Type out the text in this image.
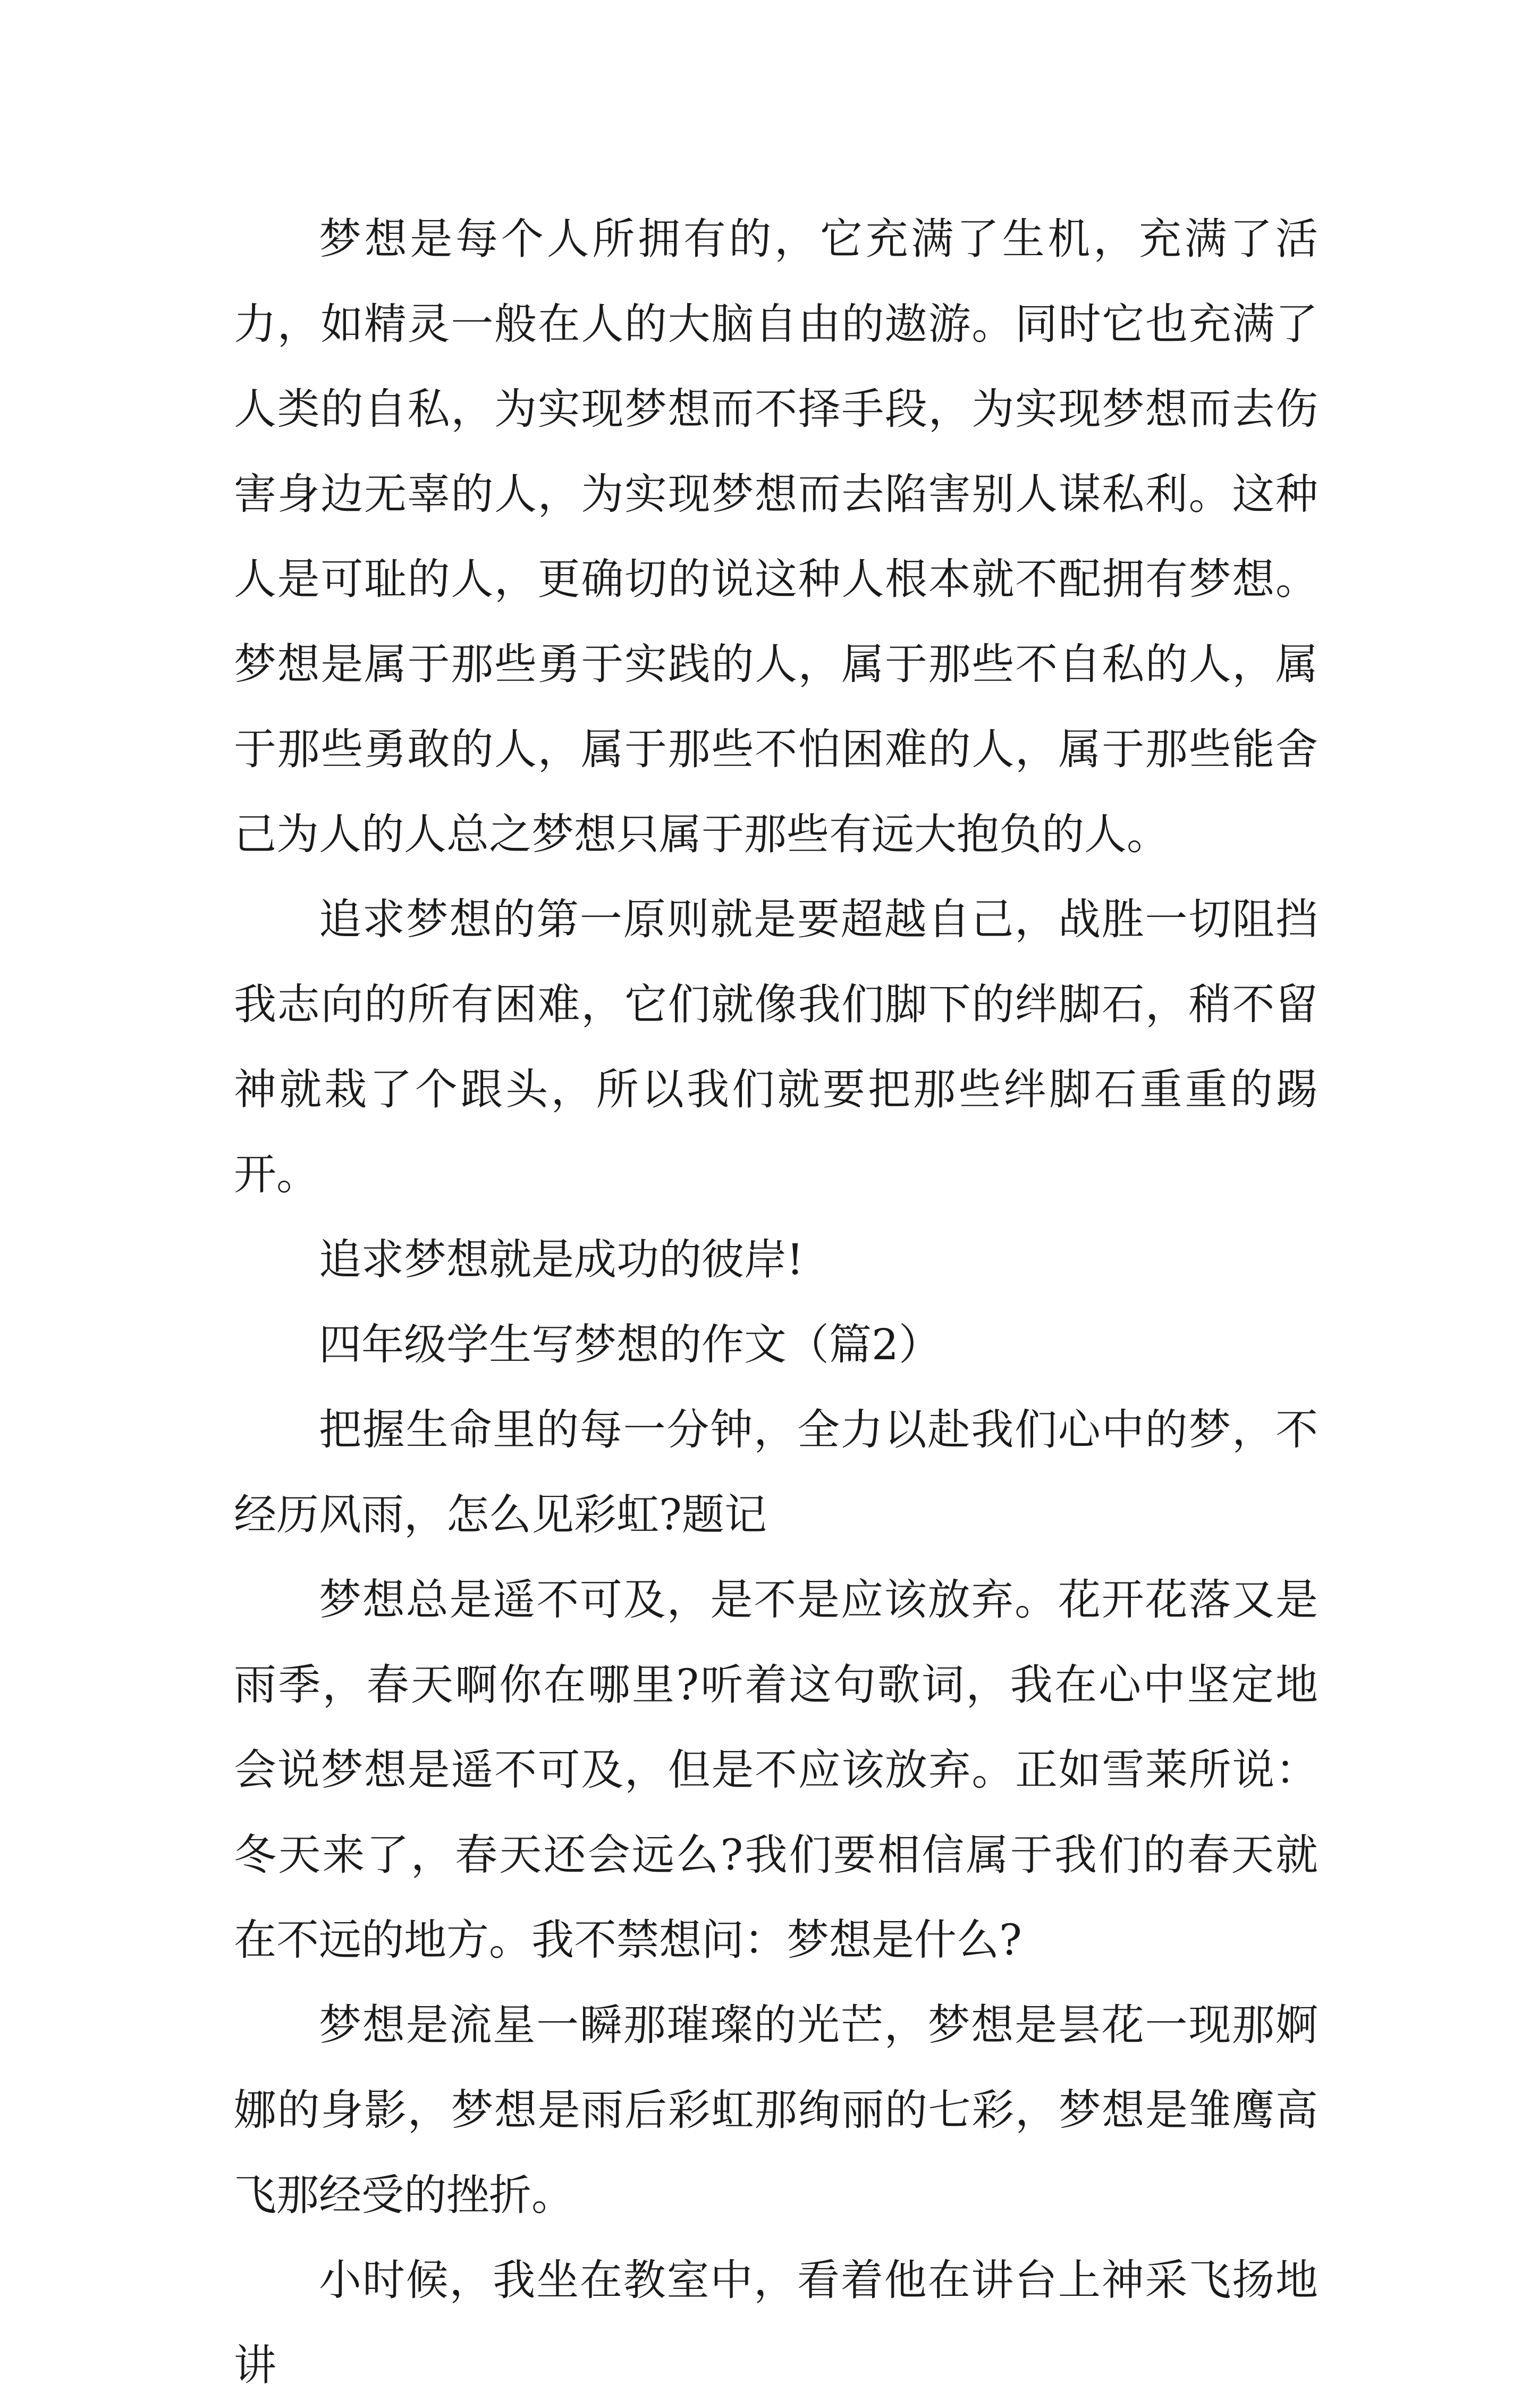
梦想是每个人所拥有的，它充满了生机，充满了活力，如精灵一般在人的大脑自由的遨游。同时它也充满了人类的自私，为实现梦想而不择手段，为实现梦想而去伤害身边无辜的人，为实现梦想而去陷害别人谋私利。这种人是可耻的人，更确切的说这种人根本就不配拥有梦想。梦想是属于那些勇于实践的人，属于那些不自私的人，属于那些勇敢的人，属于那些不怕困难的人，属于那些能舍己为人的人总之梦想只属于那些有远大抱负的人。

追求梦想的第一原则就是要超越自己，战胜一切阻挡我志向的所有困难，它们就像我们脚下的绊脚石，稍不留神就栽了个跟头，所以我们就要把那些绊脚石重重的踢开。

追求梦想就是成功的彼岸!

四年级学生写梦想的作文（篇2）

把握生命里的每一分钟，全力以赴我们心中的梦，不经历风雨，怎么见彩虹?题记

梦想总是遥不可及，是不是应该放弃。花开花落又是雨季，春天啊你在哪里?听着这句歌词，我在心中坚定地会说梦想是遥不可及，但是不应该放弃。正如雪莱所说：冬天来了，春天还会远么?我们要相信属于我们的春天就在不远的地方。我不禁想问：梦想是什么?

梦想是流星一瞬那璀璨的光芒，梦想是昙花一现那婀娜的身影，梦想是雨后彩虹那绚丽的七彩，梦想是雏鹰高飞那经受的挫折。

小时候，我坐在教室中，看着他在讲台上神采飞扬地讲
